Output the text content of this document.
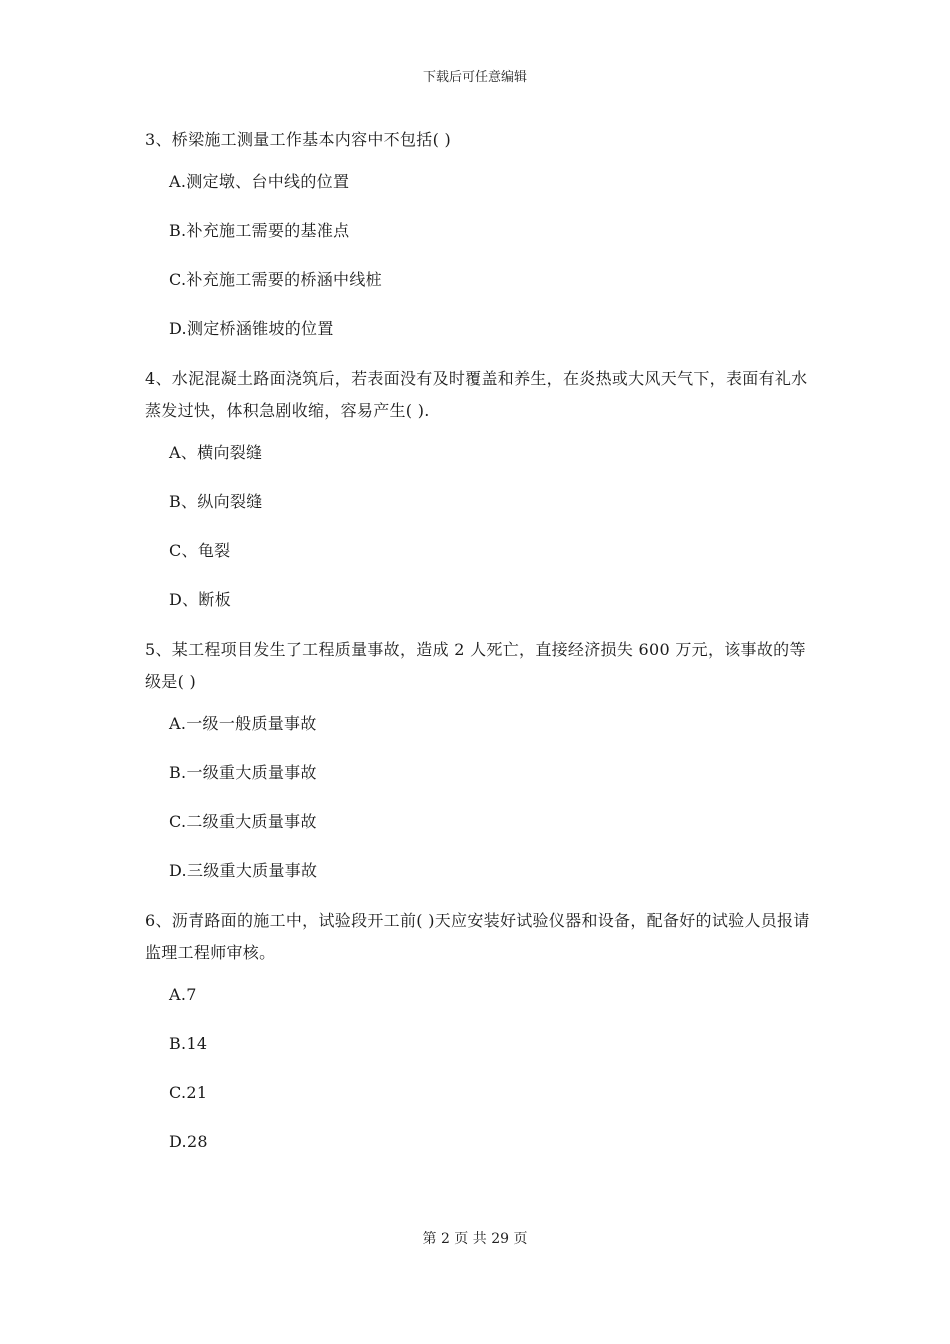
下载后可任意编辑

3、桥梁施工测量工作基本内容中不包括( )

A.测定墩、台中线的位置

B.补充施工需要的基准点

C.补充施工需要的桥涵中线桩

D.测定桥涵锥坡的位置

4、水泥混凝土路面浇筑后，若表面没有及时覆盖和养生，在炎热或大风天气下，表面有礼水蒸发过快，体积急剧收缩，容易产生( ).

A、横向裂缝

B、纵向裂缝

C、龟裂

D、断板

5、某工程项目发生了工程质量事故，造成 2 人死亡，直接经济损失 600 万元，该事故的等级是( )

A.一级一般质量事故

B.一级重大质量事故

C.二级重大质量事故

D.三级重大质量事故

6、沥青路面的施工中，试验段开工前( )天应安装好试验仪器和设备，配备好的试验人员报请监理工程师审核。

A.7

B.14

C.21

D.28

第 2 页 共 29 页
